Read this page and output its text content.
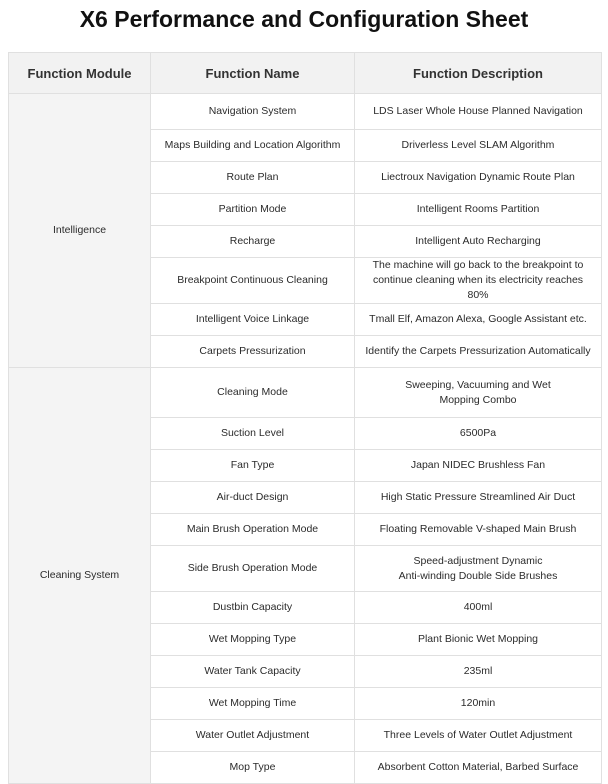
X6 Performance and Configuration Sheet
Function Module	Function Name	Function Description
Intelligence	Navigation System	LDS Laser Whole House Planned Navigation
	Maps Building and Location Algorithm	Driverless Level SLAM Algorithm
	Route Plan	Liectroux Navigation Dynamic Route Plan
	Partition Mode	Intelligent Rooms Partition
	Recharge	Intelligent Auto Recharging
	Breakpoint Continuous Cleaning	The machine will go back to the breakpoint to
continue cleaning when its electricity reaches 80%
	Intelligent Voice Linkage	Tmall Elf, Amazon Alexa, Google Assistant etc.
	Carpets Pressurization	Identify the Carpets Pressurization Automatically
Cleaning System	Cleaning Mode	Sweeping, Vacuuming and Wet
Mopping Combo
	Suction Level	6500Pa
	Fan Type	Japan NIDEC Brushless Fan
	Air-duct Design	High Static Pressure Streamlined Air Duct
	Main Brush Operation Mode	Floating Removable V-shaped Main Brush
	Side Brush Operation Mode	Speed-adjustment Dynamic
Anti-winding Double Side Brushes
	Dustbin Capacity	400ml
	Wet Mopping Type	Plant Bionic Wet Mopping
	Water Tank Capacity	235ml
	Wet Mopping Time	120min
	Water Outlet Adjustment	Three Levels of Water Outlet Adjustment
	Mop Type	Absorbent Cotton Material, Barbed Surface
